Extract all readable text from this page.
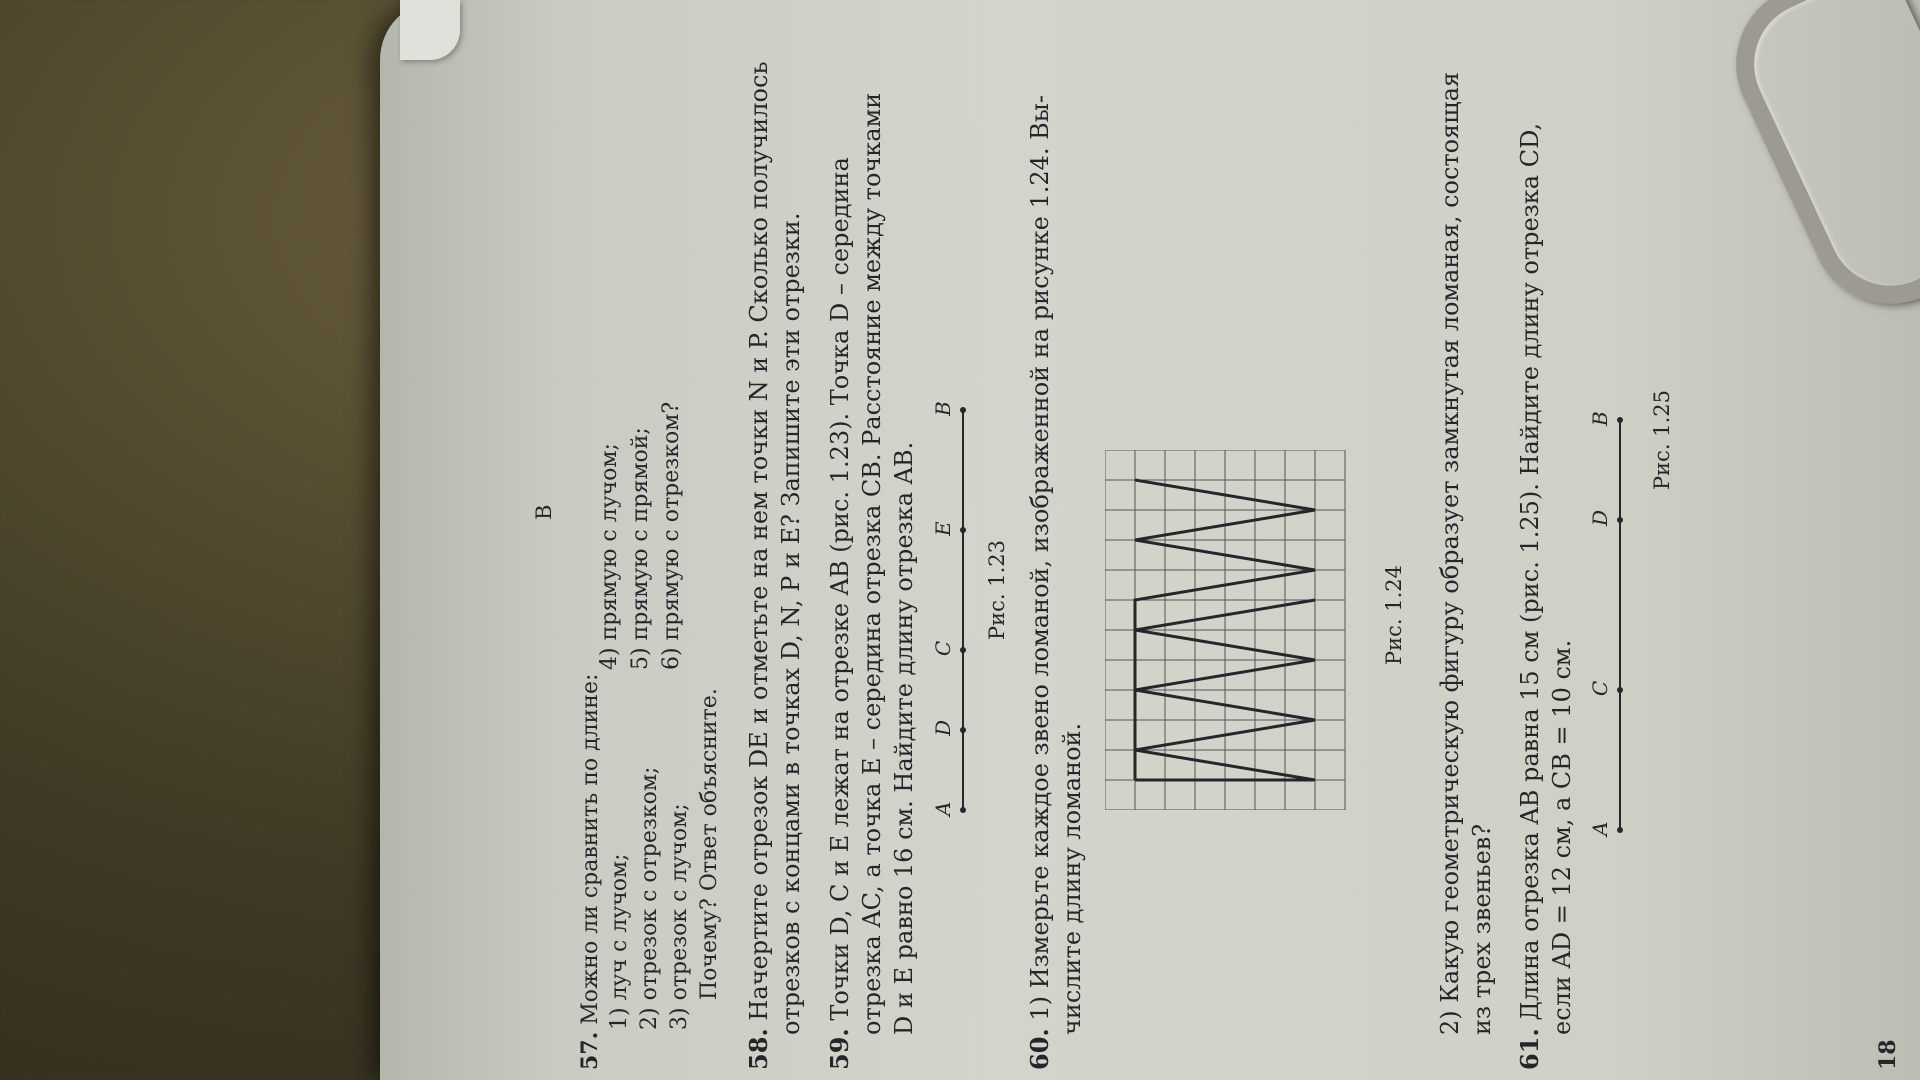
В
57. Можно ли сравнить по длине: 1) луч с лучом; 2) отрезок с отрезком; 3) отрезок с лучом;
4) прямую с лучом; 5) прямую с прямой; 6) прямую с отрезком?
Почему? Ответ объясните.
58. Начертите отрезок DE и отметьте на нем точки N и P. Сколько получилось отрезков с концами в точках D, N, P и E? Запишите эти отрезки.
59. Точки D, C и E лежат на отрезке AB (рис. 1.23). Точка D – середина отрезка AC, а точка E – середина отрезка CB. Расстояние между точками D и E равно 16 см. Найдите длину отрезка AB. A
D
C
E
B
Рис. 1.23
60. 1) Измерьте каждое звено ломаной, изображенной на рисунке 1.24. Вы- числите длину ломаной.
Рис. 1.24 2) Какую геометрическую фигуру образует замкнутая ломаная, состоящая из трех звеньев?
61. Длина отрезка AB равна 15 см (рис. 1.25). Найдите длину отрезка CD, если AD = 12 см, а CB = 10 см. A
C
D
B Рис. 1.25
18
